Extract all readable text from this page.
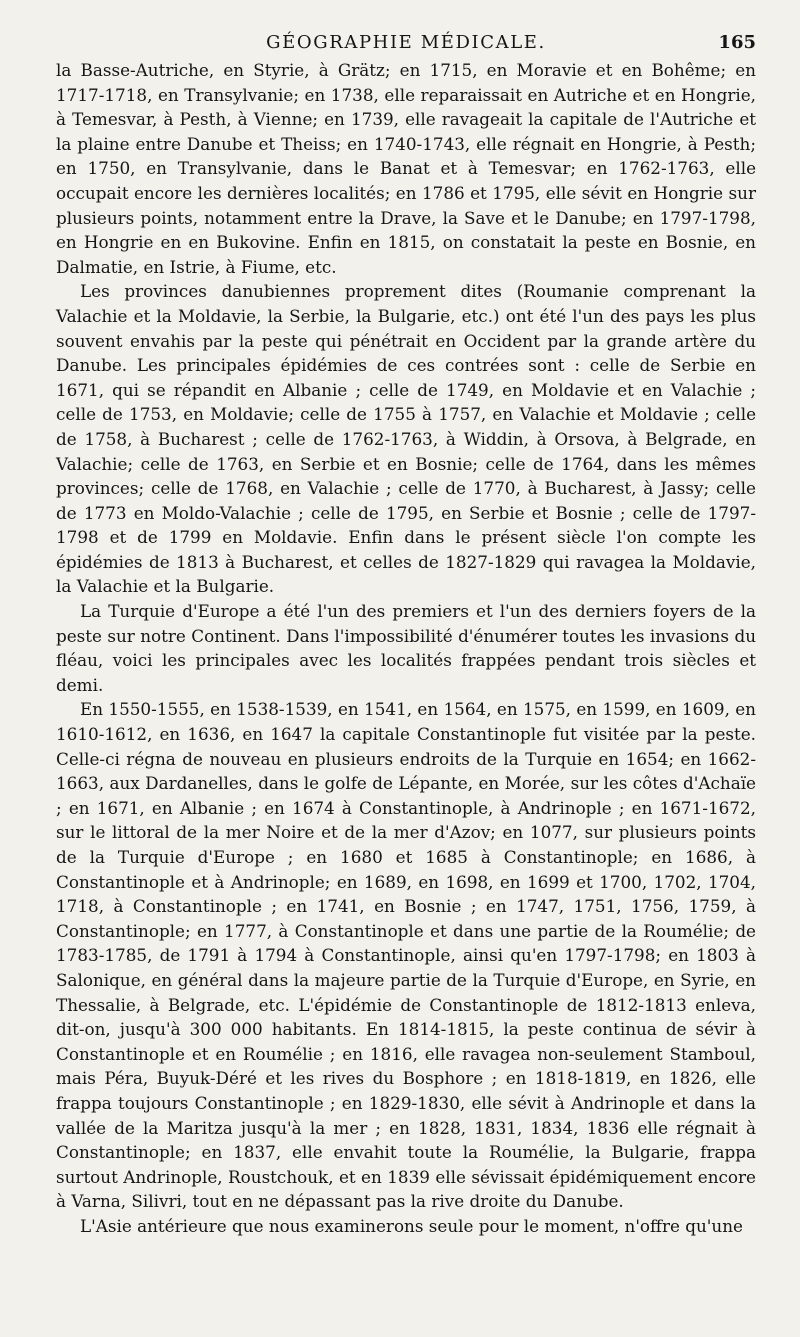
GÉOGRAPHIE MÉDICALE.	165

la Basse-Autriche, en Styrie, à Grätz; en 1715, en Moravie et en Bohême; en 1717-1718, en Transylvanie; en 1738, elle reparaissait en Autriche et en Hongrie, à Temesvar, à Pesth, à Vienne; en 1739, elle ravageait la capitale de l'Autriche et la plaine entre Danube et Theiss; en 1740-1743, elle régnait en Hongrie, à Pesth; en 1750, en Transylvanie, dans le Banat et à Temesvar; en 1762-1763, elle occupait encore les dernières localités; en 1786 et 1795, elle sévit en Hongrie sur plusieurs points, notamment entre la Drave, la Save et le Danube; en 1797-1798, en Hongrie en en Bukovine. Enfin en 1815, on constatait la peste en Bosnie, en Dalmatie, en Istrie, à Fiume, etc.

Les provinces danubiennes proprement dites (Roumanie comprenant la Valachie et la Moldavie, la Serbie, la Bulgarie, etc.) ont été l'un des pays les plus souvent envahis par la peste qui pénétrait en Occident par la grande artère du Danube. Les principales épidémies de ces contrées sont : celle de Serbie en 1671, qui se répandit en Albanie ; celle de 1749, en Moldavie et en Valachie ; celle de 1753, en Moldavie; celle de 1755 à 1757, en Valachie et Moldavie ; celle de 1758, à Bucharest ; celle de 1762-1763, à Widdin, à Orsova, à Belgrade, en Valachie; celle de 1763, en Serbie et en Bosnie; celle de 1764, dans les mêmes provinces; celle de 1768, en Valachie ; celle de 1770, à Bucharest, à Jassy; celle de 1773 en Moldo-Valachie ; celle de 1795, en Serbie et Bosnie ; celle de 1797-1798 et de 1799 en Moldavie. Enfin dans le présent siècle l'on compte les épidémies de 1813 à Bucharest, et celles de 1827-1829 qui ravagea la Moldavie, la Valachie et la Bulgarie.

La Turquie d'Europe a été l'un des premiers et l'un des derniers foyers de la peste sur notre Continent. Dans l'impossibilité d'énumérer toutes les invasions du fléau, voici les principales avec les localités frappées pendant trois siècles et demi.

En 1550-1555, en 1538-1539, en 1541, en 1564, en 1575, en 1599, en 1609, en 1610-1612, en 1636, en 1647 la capitale Constantinople fut visitée par la peste. Celle-ci régna de nouveau en plusieurs endroits de la Turquie en 1654; en 1662-1663, aux Dardanelles, dans le golfe de Lépante, en Morée, sur les côtes d'Achaïe ; en 1671, en Albanie ; en 1674 à Constantinople, à Andrinople ; en 1671-1672, sur le littoral de la mer Noire et de la mer d'Azov; en 1077, sur plusieurs points de la Turquie d'Europe ; en 1680 et 1685 à Constantinople; en 1686, à Constantinople et à Andrinople; en 1689, en 1698, en 1699 et 1700, 1702, 1704, 1718, à Constantinople ; en 1741, en Bosnie ; en 1747, 1751, 1756, 1759, à Constantinople; en 1777, à Constantinople et dans une partie de la Roumélie; de 1783-1785, de 1791 à 1794 à Constantinople, ainsi qu'en 1797-1798; en 1803 à Salonique, en général dans la majeure partie de la Turquie d'Europe, en Syrie, en Thessalie, à Belgrade, etc. L'épidémie de Constantinople de 1812-1813 enleva, dit-on, jusqu'à 300 000 habitants. En 1814-1815, la peste continua de sévir à Constantinople et en Roumélie ; en 1816, elle ravagea non-seulement Stamboul, mais Péra, Buyuk-Déré et les rives du Bosphore ; en 1818-1819, en 1826, elle frappa toujours Constantinople ; en 1829-1830, elle sévit à Andrinople et dans la vallée de la Maritza jusqu'à la mer ; en 1828, 1831, 1834, 1836 elle régnait à Constantinople; en 1837, elle envahit toute la Roumélie, la Bulgarie, frappa surtout Andrinople, Roustchouk, et en 1839 elle sévissait épidémiquement encore à Varna, Silivri, tout en ne dépassant pas la rive droite du Danube.

L'Asie antérieure que nous examinerons seule pour le moment, n'offre qu'une
